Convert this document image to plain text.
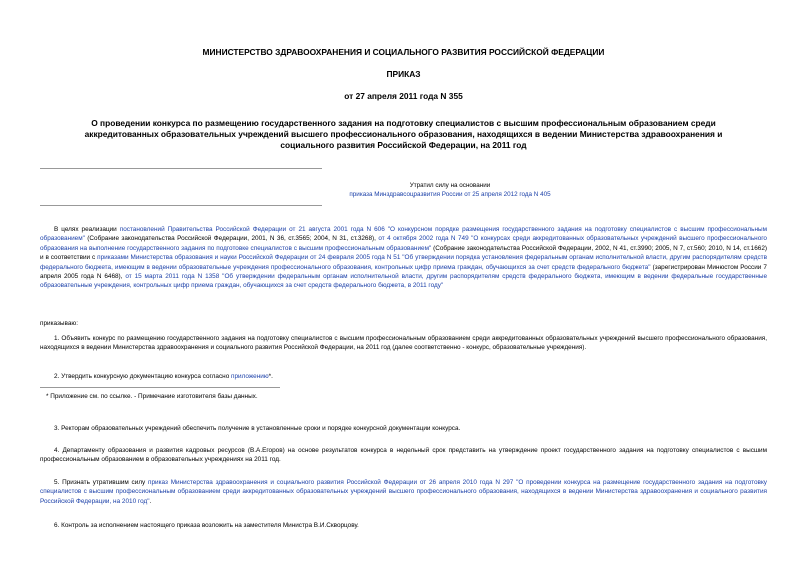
МИНИСТЕРСТВО ЗДРАВООХРАНЕНИЯ И СОЦИАЛЬНОГО РАЗВИТИЯ РОССИЙСКОЙ ФЕДЕРАЦИИ
ПРИКАЗ
от 27 апреля 2011 года N 355
О проведении конкурса по размещению государственного задания на подготовку специалистов с высшим профессиональным образованием среди аккредитованных образовательных учреждений высшего профессионального образования, находящихся в ведении Министерства здравоохранения и социального развития Российской Федерации, на 2011 год
Утратил силу на основании
приказа Минздравсоцразвития России от 25 апреля 2012 года N 405
В целях реализации постановлений Правительства Российской Федерации от 21 августа 2001 года N 606 "О конкурсном порядке размещения государственного задания на подготовку специалистов с высшим профессиональным образованием" (Собрание законодательства Российской Федерации, 2001, N 36, ст.3565; 2004, N 31, ст.3268), от 4 октября 2002 года N 749 "О конкурсах среди аккредитованных образовательных учреждений высшего профессионального образования на выполнение государственного задания по подготовке специалистов с высшим профессиональным образованием" (Собрание законодательства Российской Федерации, 2002, N 41, ст.3990; 2005, N 7, ст.560; 2010, N 14, ст.1662) и в соответствии с приказами Министерства образования и науки Российской Федерации от 24 февраля 2005 года N 51 "Об утверждении порядка установления федеральным органам исполнительной власти, другим распорядителям средств федерального бюджета, имеющим в ведении образовательные учреждения профессионального образования, контрольных цифр приема граждан, обучающихся за счет средств федерального бюджета" (зарегистрирован Минюстом России 7 апреля 2005 года N 6468), от 15 марта 2011 года N 1358 "Об утверждении федеральным органам исполнительной власти, другим распорядителям средств федерального бюджета, имеющим в ведении федеральные государственные образовательные учреждения, контрольных цифр приема граждан, обучающихся за счет средств федерального бюджета, в 2011 году"
приказываю:
1. Объявить конкурс по размещению государственного задания на подготовку специалистов с высшим профессиональным образованием среди аккредитованных образовательных учреждений высшего профессионального образования, находящихся в ведении Министерства здравоохранения и социального развития Российской Федерации, на 2011 год (далее соответственно - конкурс, образовательные учреждения).
2. Утвердить конкурсную документацию конкурса согласно приложению*.
* Приложение см. по ссылке. - Примечание изготовителя базы данных.
3. Ректорам образовательных учреждений обеспечить получение в установленные сроки и порядке конкурсной документации конкурса.
4. Департаменту образования и развития кадровых ресурсов (В.А.Егоров) на основе результатов конкурса в недельный срок представить на утверждение проект государственного задания на подготовку специалистов с высшим профессиональным образованием в образовательных учреждениях на 2011 год.
5. Признать утратившим силу приказ Министерства здравоохранения и социального развития Российской Федерации от 26 апреля 2010 года N 297 "О проведении конкурса на размещение государственного задания на подготовку специалистов с высшим профессиональным образованием среди аккредитованных образовательных учреждений высшего профессионального образования, находящихся в ведении Министерства здравоохранения и социального развития Российской Федерации, на 2010 год".
6. Контроль за исполнением настоящего приказа возложить на заместителя Министра В.И.Скворцову.
